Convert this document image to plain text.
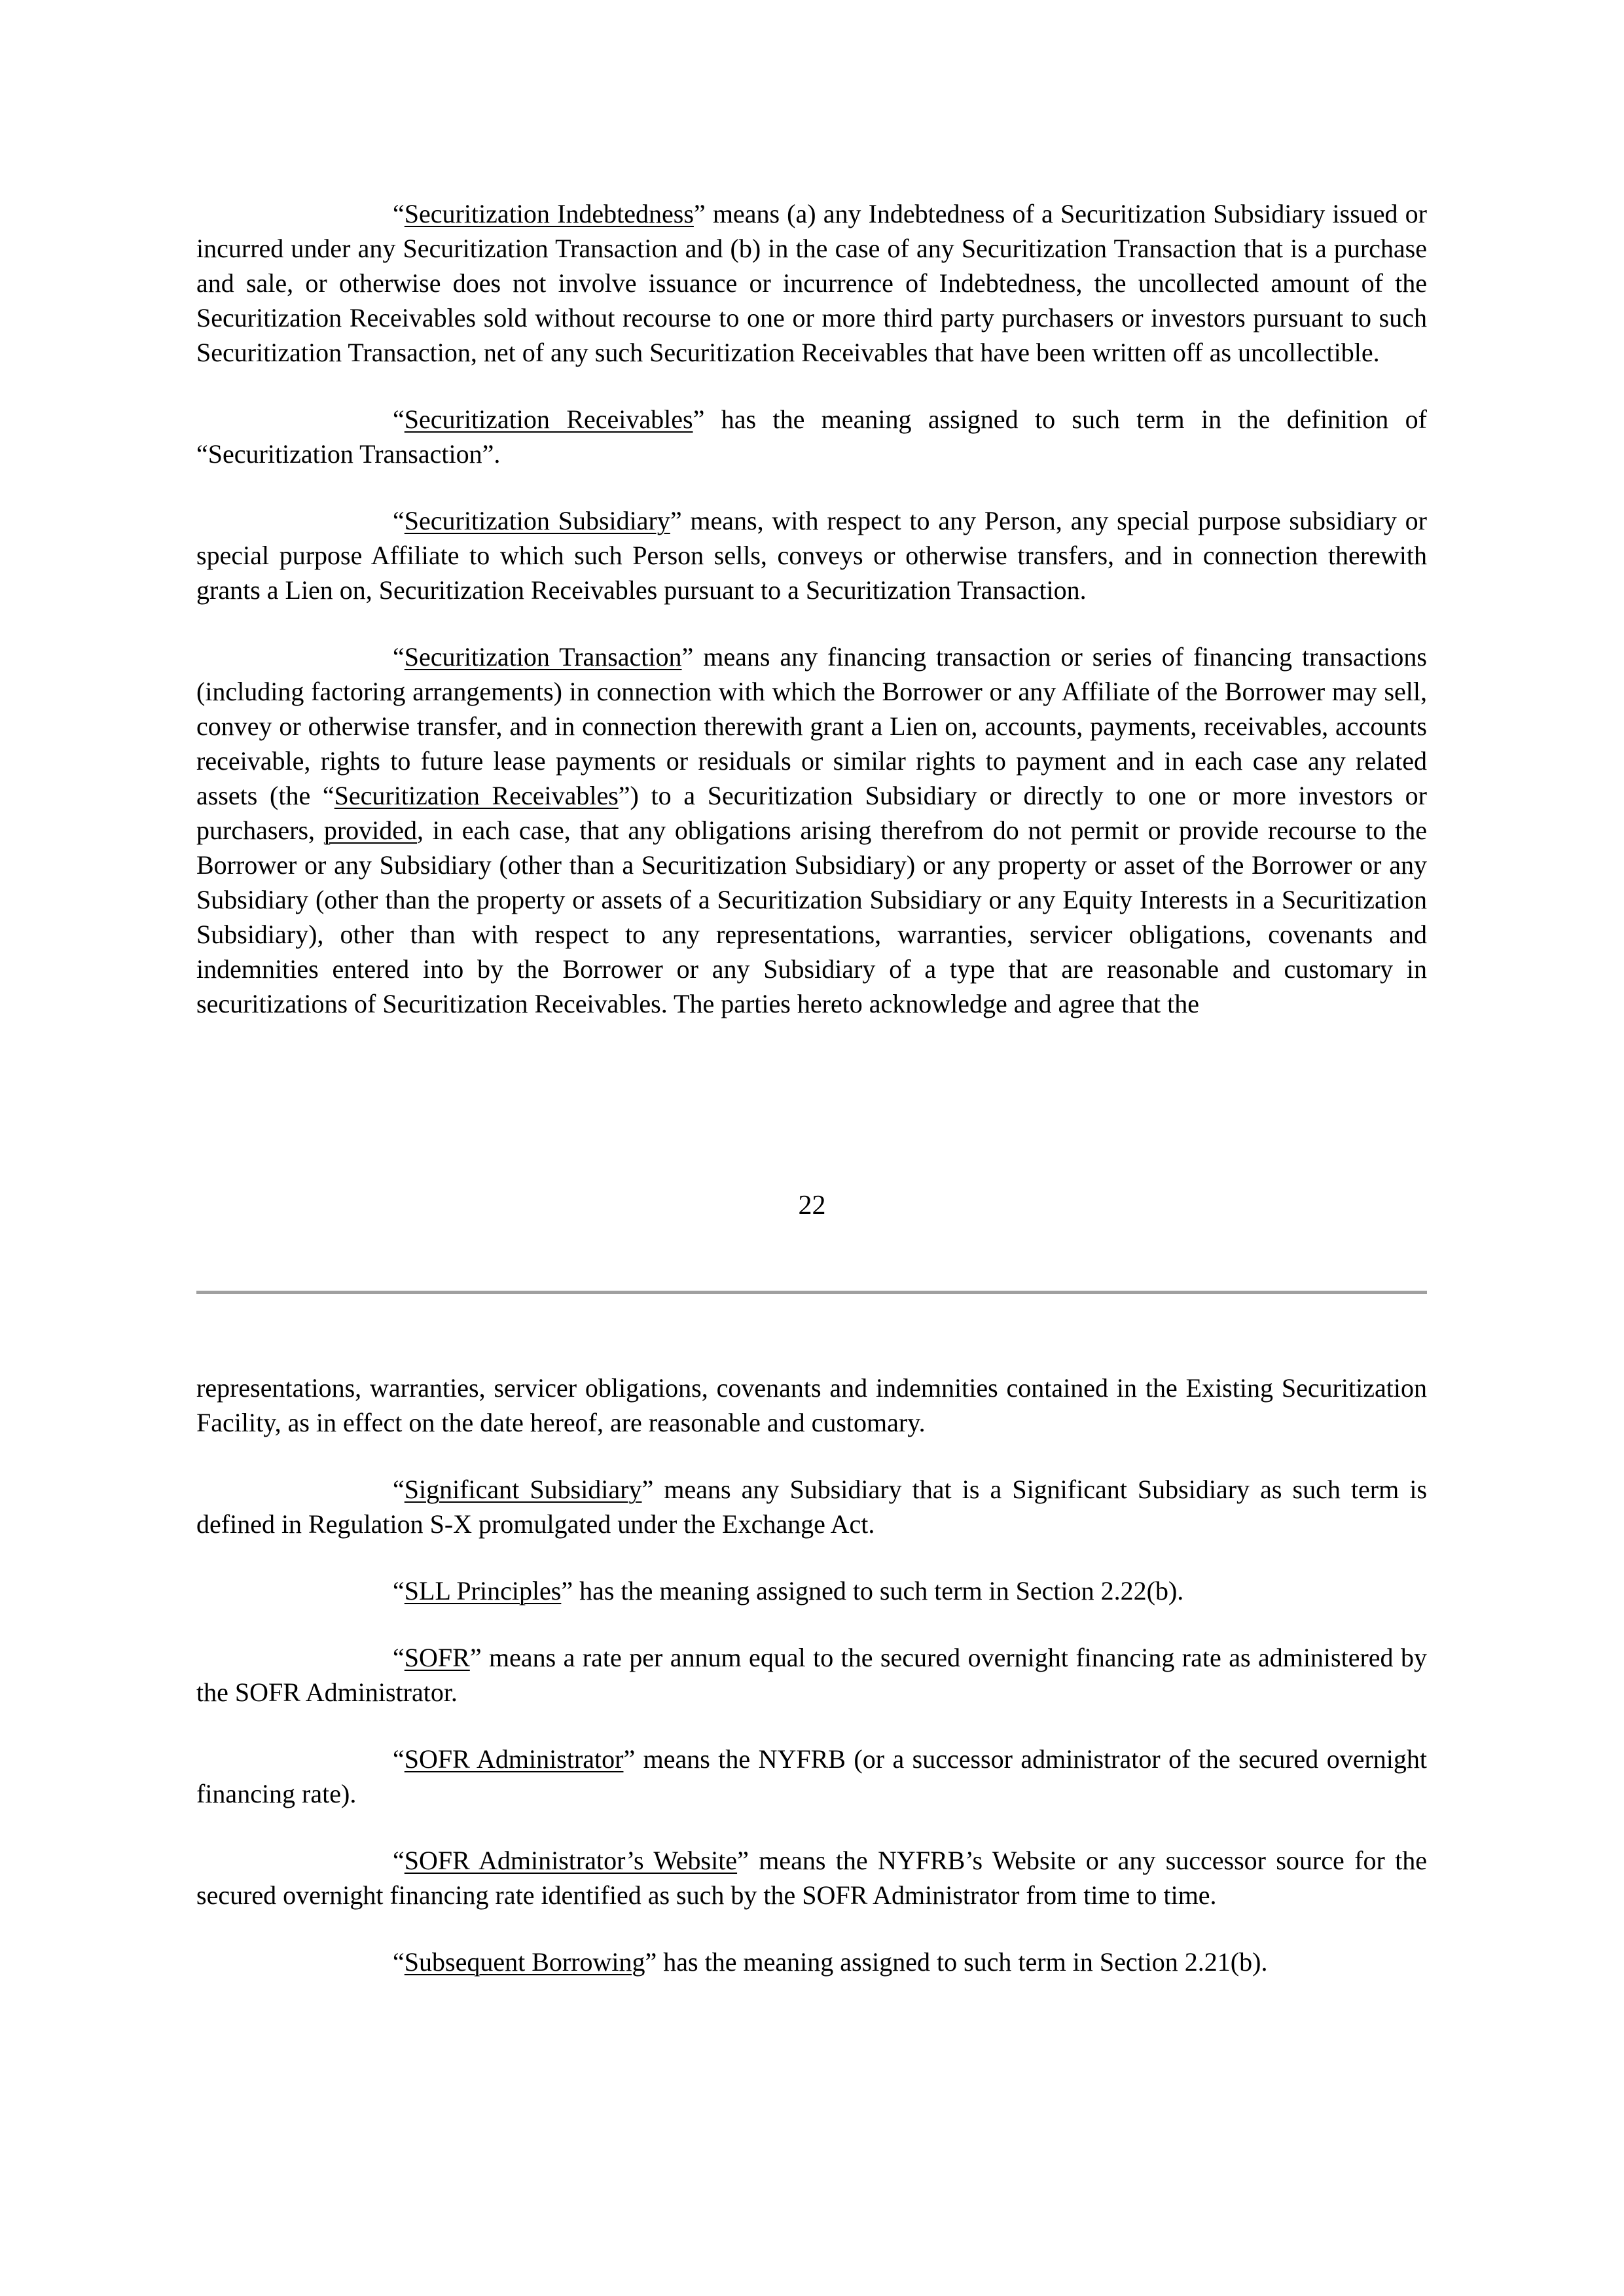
“Securitization Indebtedness” means (a) any Indebtedness of a Securitization Subsidiary issued or incurred under any Securitization Transaction and (b) in the case of any Securitization Transaction that is a purchase and sale, or otherwise does not involve issuance or incurrence of Indebtedness, the uncollected amount of the Securitization Receivables sold without recourse to one or more third party purchasers or investors pursuant to such Securitization Transaction, net of any such Securitization Receivables that have been written off as uncollectible.

“Securitization Receivables” has the meaning assigned to such term in the definition of “Securitization Transaction”.

“Securitization Subsidiary” means, with respect to any Person, any special purpose subsidiary or special purpose Affiliate to which such Person sells, conveys or otherwise transfers, and in connection therewith grants a Lien on, Securitization Receivables pursuant to a Securitization Transaction.

“Securitization Transaction” means any financing transaction or series of financing transactions (including factoring arrangements) in connection with which the Borrower or any Affiliate of the Borrower may sell, convey or otherwise transfer, and in connection therewith grant a Lien on, accounts, payments, receivables, accounts receivable, rights to future lease payments or residuals or similar rights to payment and in each case any related assets (the “Securitization Receivables”) to a Securitization Subsidiary or directly to one or more investors or purchasers, provided, in each case, that any obligations arising therefrom do not permit or provide recourse to the Borrower or any Subsidiary (other than a Securitization Subsidiary) or any property or asset of the Borrower or any Subsidiary (other than the property or assets of a Securitization Subsidiary or any Equity Interests in a Securitization Subsidiary), other than with respect to any representations, warranties, servicer obligations, covenants and indemnities entered into by the Borrower or any Subsidiary of a type that are reasonable and customary in securitizations of Securitization Receivables. The parties hereto acknowledge and agree that the

22

representations, warranties, servicer obligations, covenants and indemnities contained in the Existing Securitization Facility, as in effect on the date hereof, are reasonable and customary.

“Significant Subsidiary” means any Subsidiary that is a Significant Subsidiary as such term is defined in Regulation S-X promulgated under the Exchange Act.

“SLL Principles” has the meaning assigned to such term in Section 2.22(b).

“SOFR” means a rate per annum equal to the secured overnight financing rate as administered by the SOFR Administrator.

“SOFR Administrator” means the NYFRB (or a successor administrator of the secured overnight financing rate).

“SOFR Administrator’s Website” means the NYFRB’s Website or any successor source for the secured overnight financing rate identified as such by the SOFR Administrator from time to time.

“Subsequent Borrowing” has the meaning assigned to such term in Section 2.21(b).
